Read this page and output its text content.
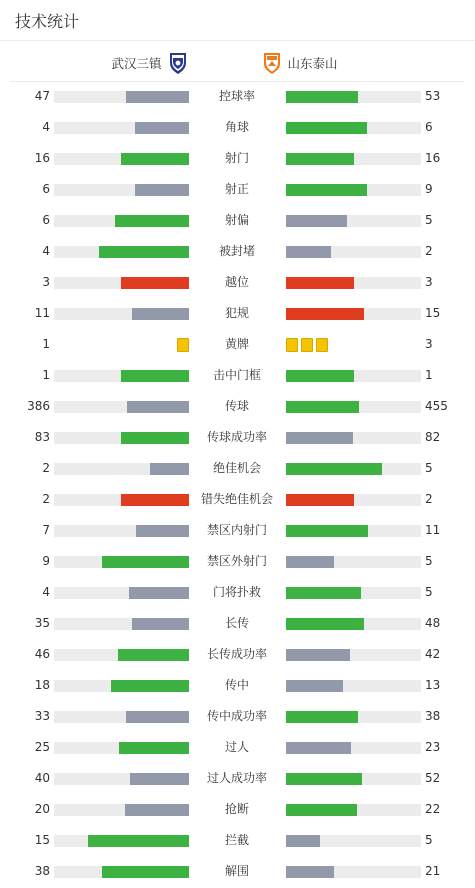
技术统计
武汉三镇	山东泰山
47	控球率	53
4	角球	6
16	射门	16
6	射正	9
6	射偏	5
4	被封堵	2
3	越位	3
11	犯规	15
1	黄牌	3
1	击中门框	1
386	传球	455
83	传球成功率	82
2	绝佳机会	5
2	错失绝佳机会	2
7	禁区内射门	11
9	禁区外射门	5
4	门将扑救	5
35	长传	48
46	长传成功率	42
18	传中	13
33	传中成功率	38
25	过人	23
40	过人成功率	52
20	抢断	22
15	拦截	5
38	解围	21
